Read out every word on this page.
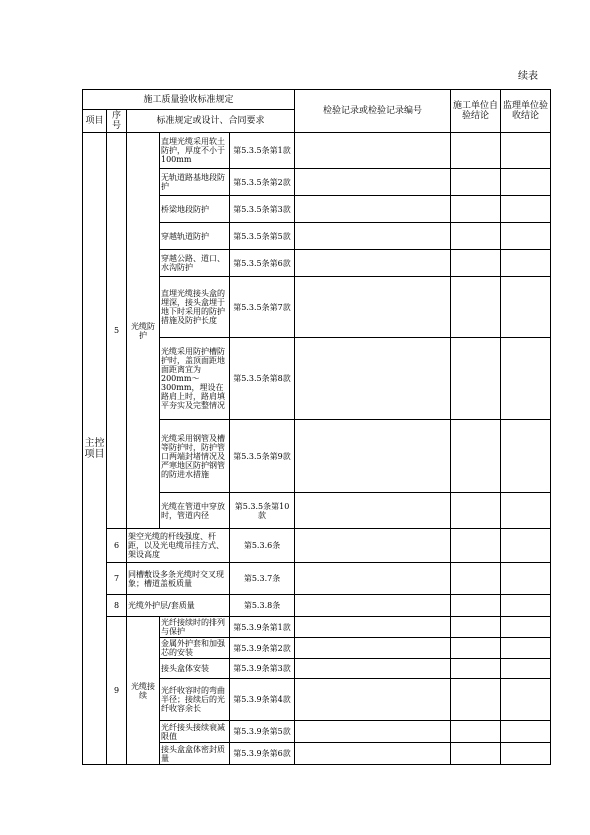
续表
施工质量验收标准规定					检验记录或检验记录编号	施工单位自验结论	监理单位验收结论
项目	序号	标准规定或设计、合同要求					
主控项目	5	光缆防护	直埋光缆采用软土防护，厚度不小于100mm	第5.3.5条第1款			
			无轨道路基地段防护	第5.3.5条第2款			
			桥梁地段防护	第5.3.5条第3款			
			穿越轨道防护	第5.3.5条第5款			
			穿越公路、道口、水沟防护	第5.3.5条第6款			
			直埋光缆接头盒的埋深，接头盒埋于地下时采用的防护措施及防护长度	第5.3.5条第7款			
			光缆采用防护槽防护时，盖顶面距地面距离宜为200mm～300mm，埋设在路肩上时，路肩填平夯实及完整情况	第5.3.5条第8款			
			光缆采用钢管及槽等防护时，防护管口两端封堵情况及严寒地区防护钢管的防进水措施	第5.3.5条第9款			
			光缆在管道中穿放时，管道内径	第5.3.5条第10款			
	6	架空光缆的杆线强度、杆距，以及光电缆吊挂方式、架设高度		第5.3.6条			
	7	同槽敷设多条光缆时交叉现象；槽道盖板质量		第5.3.7条			
	8	光缆外护层/套质量		第5.3.8条			
	9	光缆接续	光纤接续时的排列与保护	第5.3.9条第1款			
			金属外护套和加强芯的安装	第5.3.9条第2款			
			接头盒体安装	第5.3.9条第3款			
			光纤收容时的弯曲半径；接续后的光纤收容余长	第5.3.9条第4款			
			光纤接头接续衰减限值	第5.3.9条第5款			
			接头盒盒体密封质量	第5.3.9条第6款			
